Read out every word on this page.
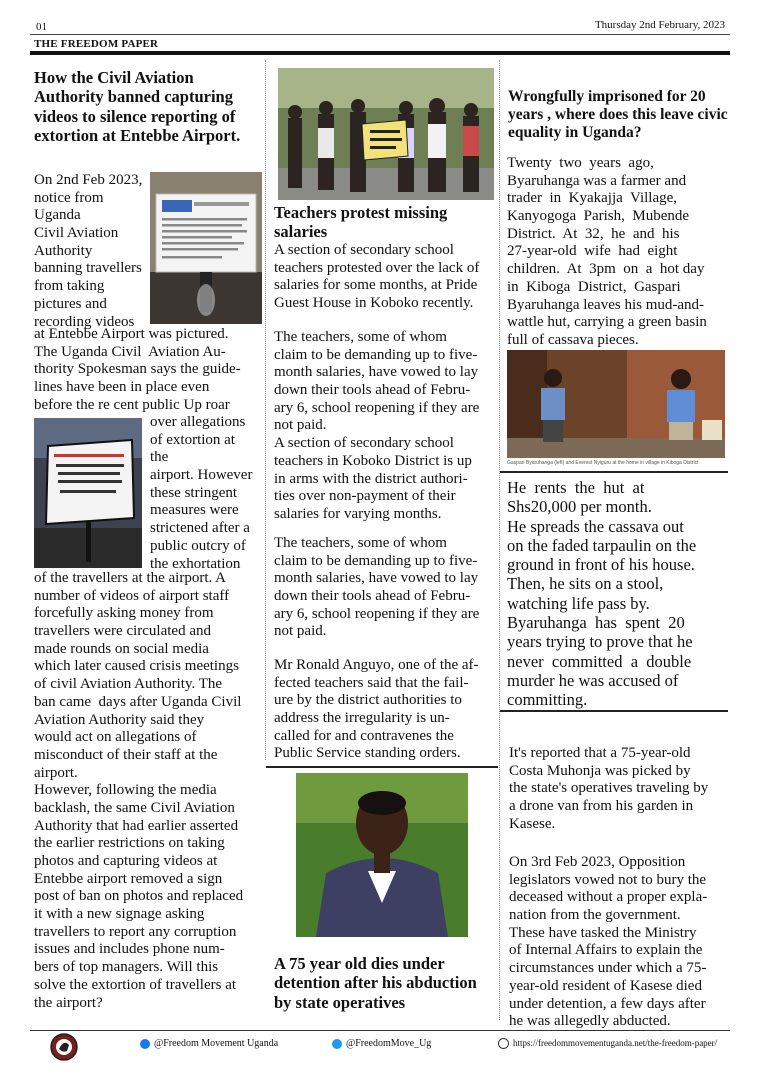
01	Thursday 2nd February, 2023
THE FREEDOM PAPER
How the Civil Aviation Authority banned capturing videos to silence reporting of extortion at Entebbe Airport.
On 2nd Feb 2023,
notice from
Uganda
Civil Aviation
Authority
banning travellers
from taking
pictures and
recording videos
at Entebbe Airport was pictured.
The Uganda Civil  Aviation Au-
thority Spokesman says the guide-
lines have been in place even
before the re cent public Up roar
over allegations
of extortion at
the
airport. However
these stringent
measures were
strictened after a
public outcry of
the exhortation
of the travellers at the airport. A
number of videos of airport staff
forcefully asking money from
travellers were circulated and
made rounds on social media
which later caused crisis meetings
of civil Aviation Authority. The
ban came  days after Uganda Civil
Aviation Authority said they
would act on allegations of
misconduct of their staff at the
airport.
However, following the media
backlash, the same Civil Aviation
Authority that had earlier asserted
the earlier restrictions on taking
photos and capturing videos at
Entebbe airport removed a sign
post of ban on photos and replaced
it with a new signage asking
travellers to report any corruption
issues and includes phone num-
bers of top managers. Will this
solve the extortion of travellers at
the airport?
Teachers protest missing salaries
A section of secondary school
teachers protested over the lack of
salaries for some months, at Pride
Guest House in Koboko recently.
The teachers, some of whom
claim to be demanding up to five-
month salaries, have vowed to lay
down their tools ahead of Febru-
ary 6, school reopening if they are
not paid.
A section of secondary school
teachers in Koboko District is up
in arms with the district authori-
ties over non-payment of their
salaries for varying months.
The teachers, some of whom
claim to be demanding up to five-
month salaries, have vowed to lay
down their tools ahead of Febru-
ary 6, school reopening if they are
not paid.
Mr Ronald Anguyo, one of the af-
fected teachers said that the fail-
ure by the district authorities to
address the irregularity is un-
called for and contravenes the
Public Service standing orders.
A 75 year old dies under detention after his abduction by state operatives
Wrongfully imprisoned for 20 years , where does this leave civic equality in Uganda?
Twenty  two  years  ago,
Byaruhanga was a farmer and
trader  in  Kyakajja  Village,
Kanyogoga  Parish,  Mubende
District.  At  32,  he  and  his
27-year-old  wife  had  eight
children.  At  3pm  on  a  hot day
in  Kiboga  District,  Gaspari
Byaruhanga leaves his mud-and-
wattle hut, carrying a green basin
full of cassava pieces.
Gaspari Byaruhanga (left) and Everest Nyiguru at the home in village in Kiboga District
He  rents  the  hut  at
Shs20,000 per month.
He spreads the cassava out
on the faded tarpaulin on the
ground in front of his house.
Then, he sits on a stool,
watching life pass by.
Byaruhanga  has  spent  20
years trying to prove that he
never  committed  a  double
murder he was accused of
committing.
It's reported that a 75-year-old
Costa Muhonja was picked by
the state's operatives traveling by
a drone van from his garden in
Kasese.
On 3rd Feb 2023, Opposition
legislators vowed not to bury the
deceased without a proper expla-
nation from the government.
These have tasked the Ministry
of Internal Affairs to explain the
circumstances under which a 75-
year-old resident of Kasese died
under detention, a few days after
he was allegedly abducted.
@Freedom Movement Uganda	@FreedomMove_Ug	https://freedommovementuganda.net/the-freedom-paper/
